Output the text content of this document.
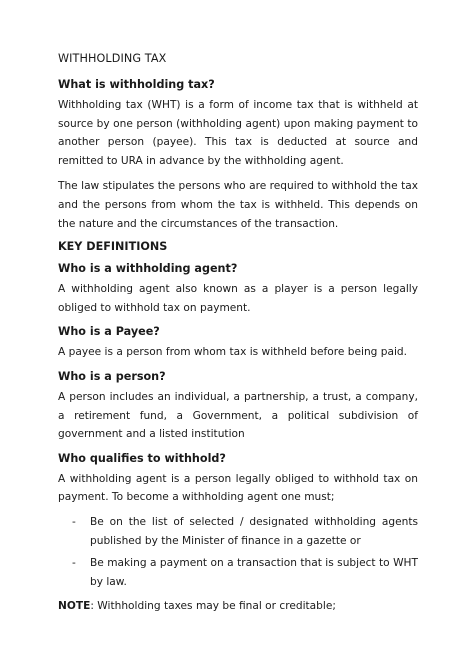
WITHHOLDING TAX
What is withholding tax?
Withholding tax (WHT) is a form of income tax that is withheld at source by one person (withholding agent) upon making payment to another person (payee). This tax is deducted at source and remitted to URA in advance by the withholding agent.
The law stipulates the persons who are required to withhold the tax and the persons from whom the tax is withheld. This depends on the nature and the circumstances of the transaction.
KEY DEFINITIONS
Who is a withholding agent?
A withholding agent also known as a player is a person legally obliged to withhold tax on payment.
Who is a Payee?
A payee is a person from whom tax is withheld before being paid.
Who is a person?
A person includes an individual, a partnership, a trust, a company, a retirement fund, a Government, a political subdivision of government and a listed institution
Who qualifies to withhold?
A withholding agent is a person legally obliged to withhold tax on payment. To become a withholding agent one must;
- Be on the list of selected / designated withholding agents published by the Minister of finance in a gazette or
- Be making a payment on a transaction that is subject to WHT by law.
NOTE: Withholding taxes may be final or creditable;
